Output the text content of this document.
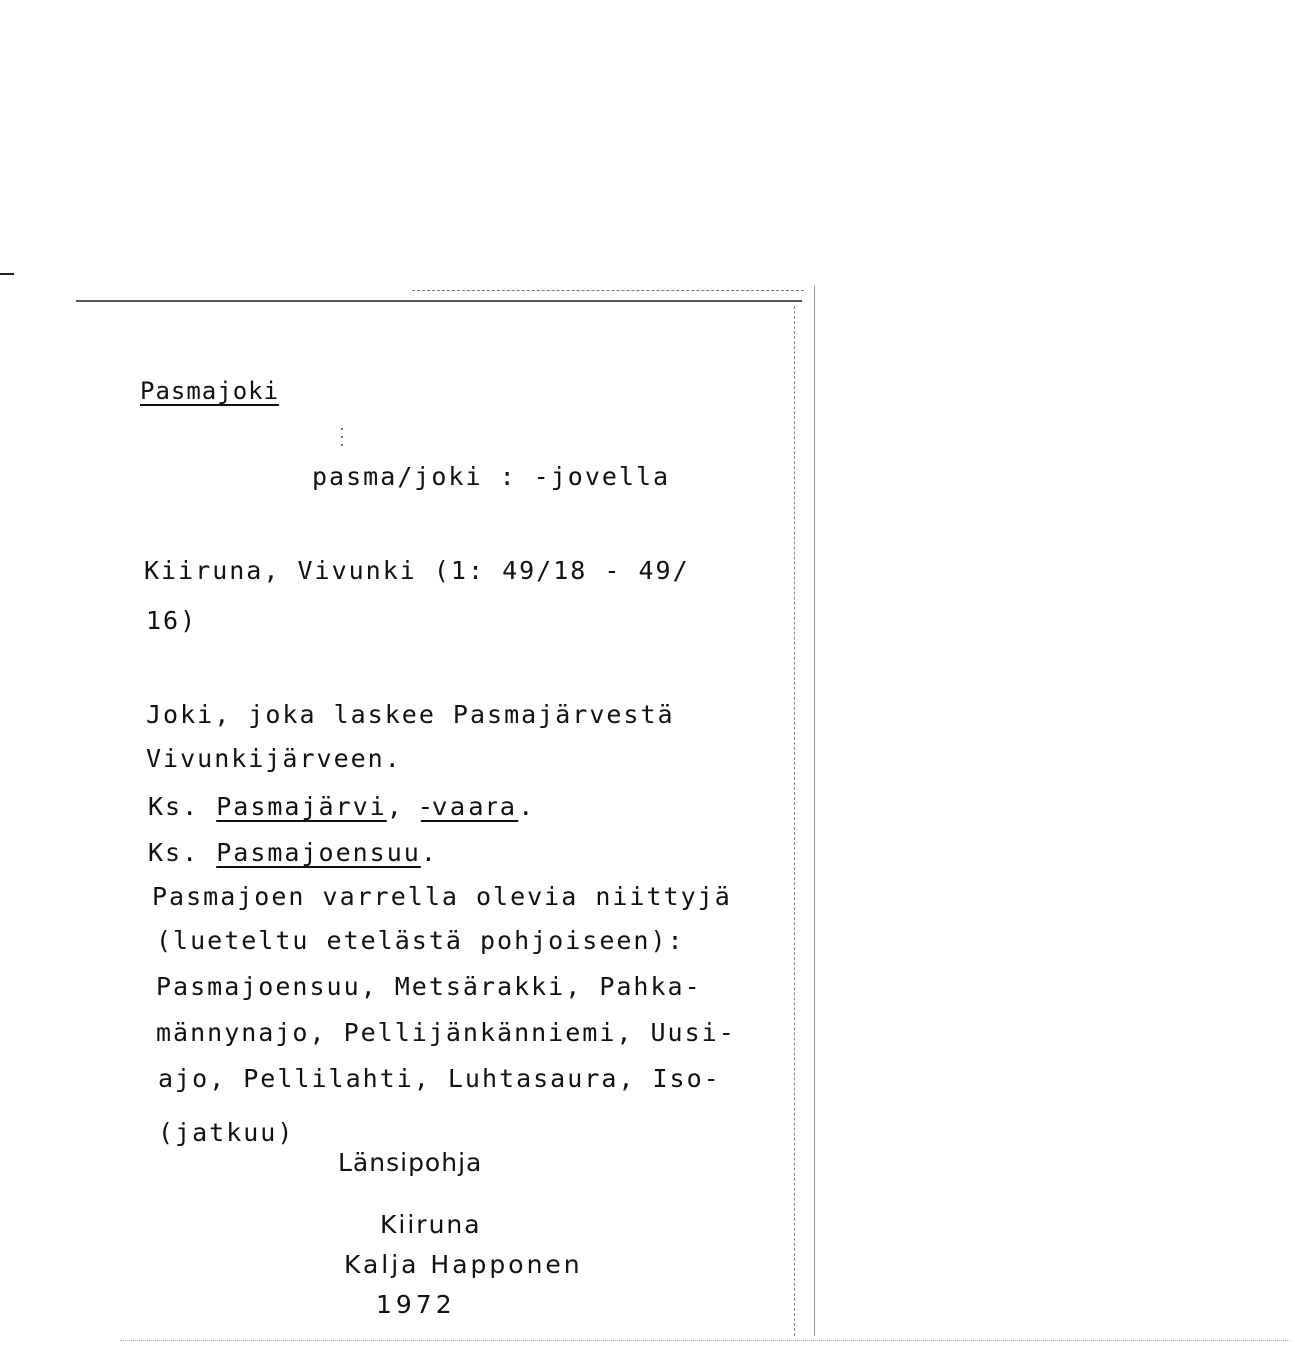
Pasmajoki
pasma/joki : -jovella
Kiiruna, Vivunki (1: 49/18 - 49/
16)
Joki, joka laskee Pasmajärvestä
Vivunkijärveen.
Ks. Pasmajärvi, -vaara.
Ks. Pasmajoensuu.
Pasmajoen varrella olevia niittyjä
(lueteltu etelästä pohjoiseen):
Pasmajoensuu, Metsärakki, Pahka-
männynajo, Pellijänkänniemi, Uusi-
ajo, Pellilahti, Luhtasaura, Iso-
(jatkuu)
Länsipohja
Kiiruna
Kalja Happonen
1972
